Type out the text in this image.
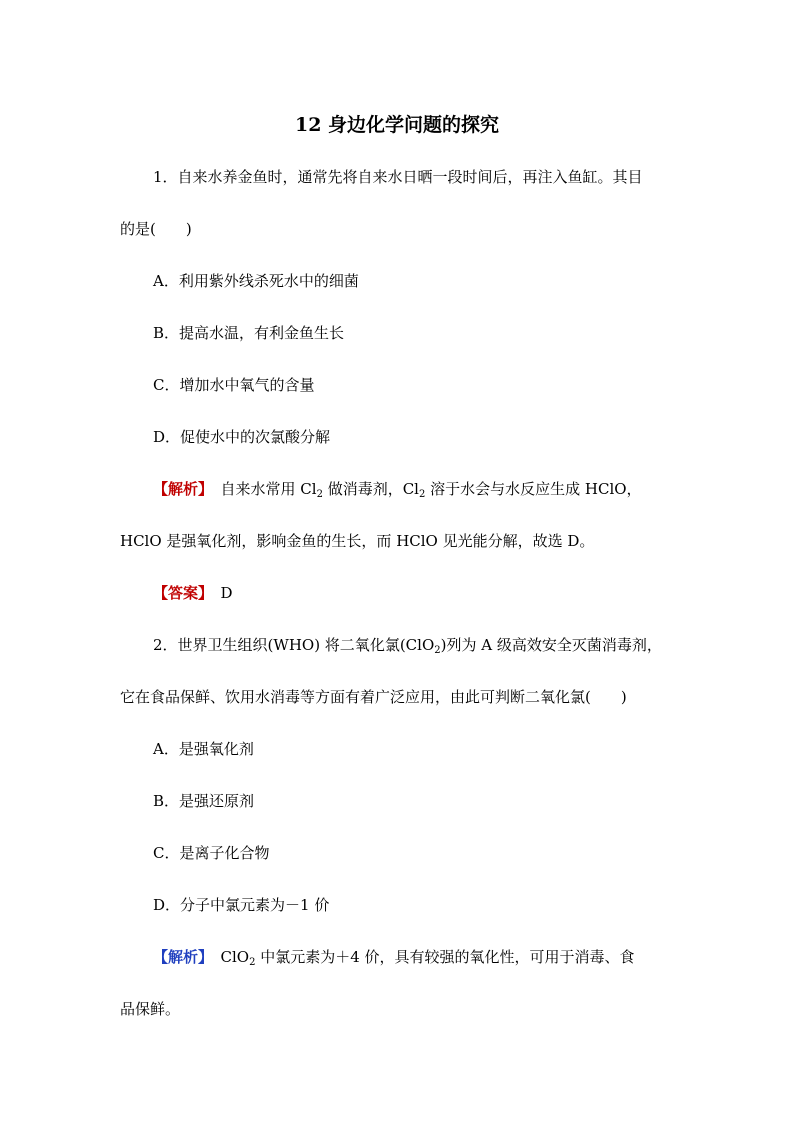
12 身边化学问题的探究
1．自来水养金鱼时，通常先将自来水日晒一段时间后，再注入鱼缸。其目
的是(　　)
A．利用紫外线杀死水中的细菌
B．提高水温，有利金鱼生长
C．增加水中氧气的含量
D．促使水中的次氯酸分解
【解析】　自来水常用 $Cl_2$ 做消毒剂，$Cl_2$ 溶于水会与水反应生成 HClO，
HClO 是强氧化剂，影响金鱼的生长，而 HClO 见光能分解，故选 D。
【答案】　D
2．世界卫生组织(WHO) 将二氧化氯(ClO$_2$)列为 A 级高效安全灭菌消毒剂，
它在食品保鲜、饮用水消毒等方面有着广泛应用，由此可判断二氧化氯(　　)
A．是强氧化剂
B．是强还原剂
C．是离子化合物
D．分子中氯元素为－1 价
【解析】　ClO$_2$ 中氯元素为＋4 价，具有较强的氧化性，可用于消毒、食
品保鲜。
